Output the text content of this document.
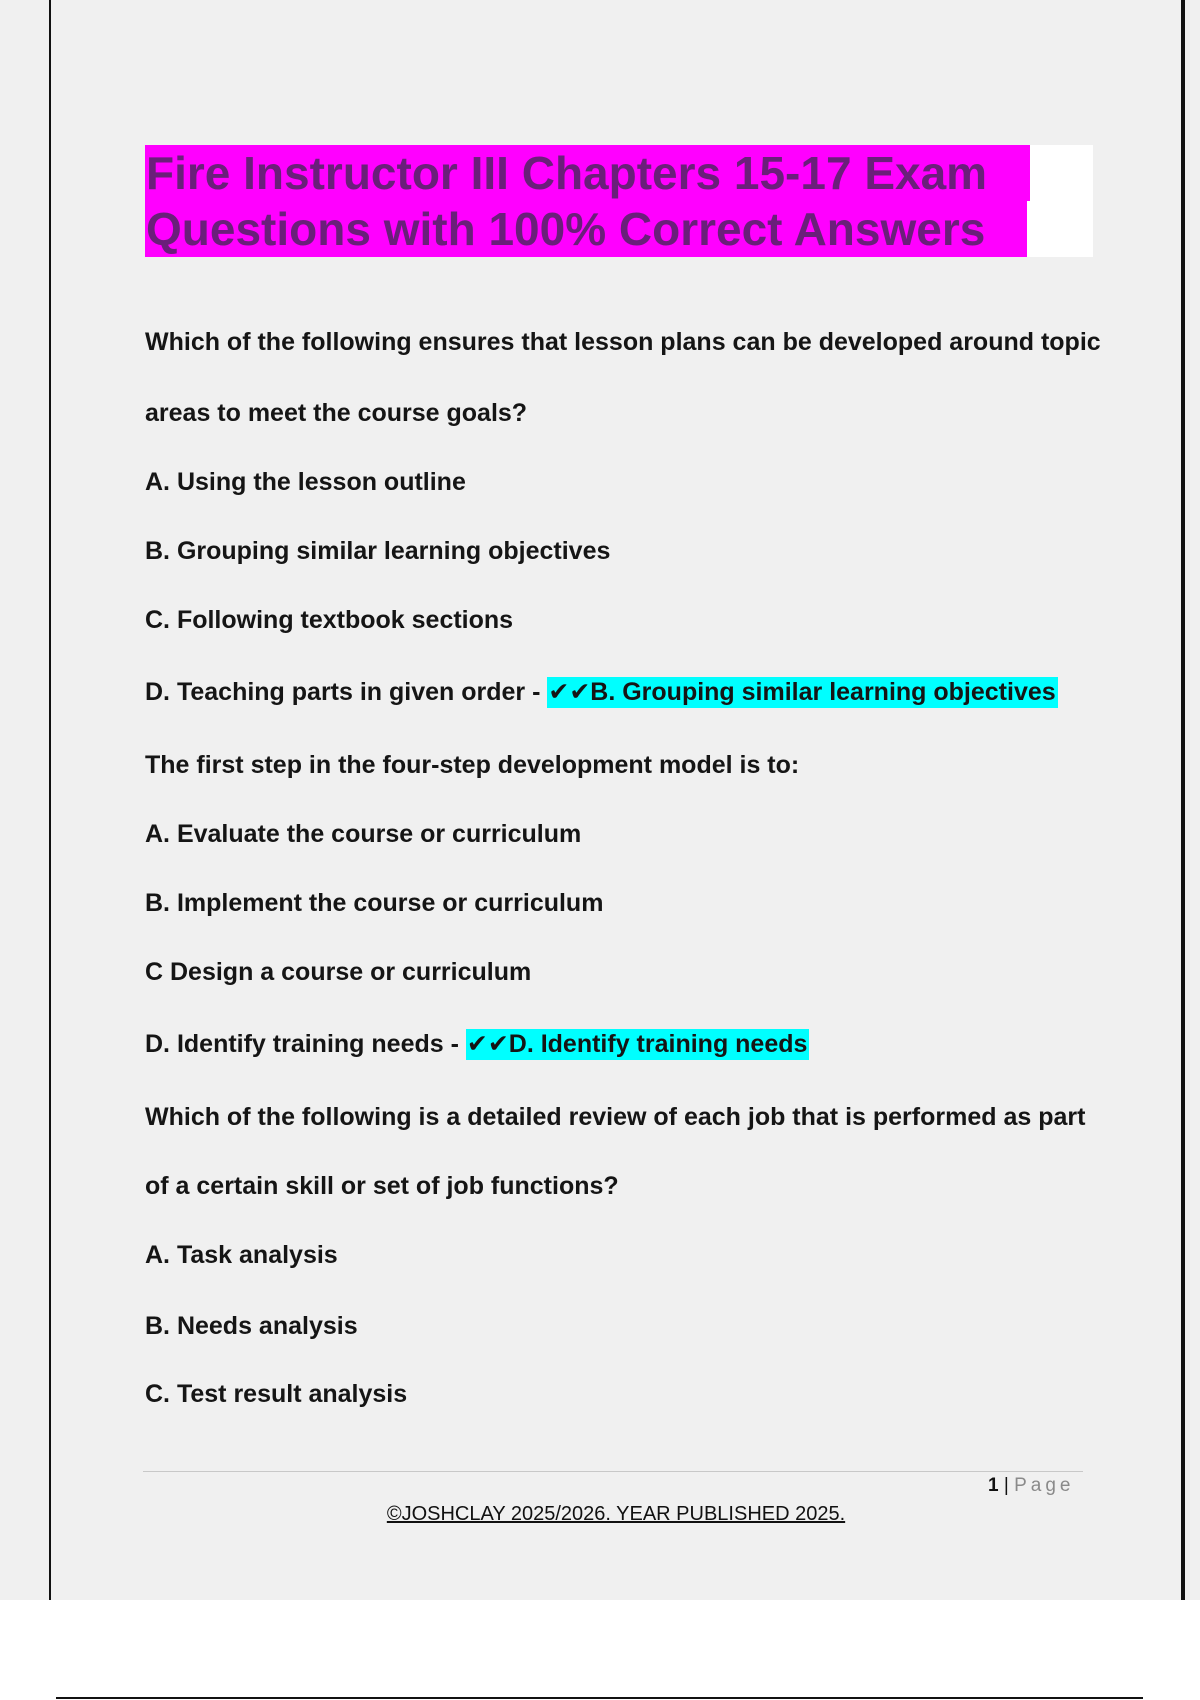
Fire Instructor III Chapters 15-17 Exam
Questions with 100% Correct Answers
Which of the following ensures that lesson plans can be developed around topic
areas to meet the course goals?
A. Using the lesson outline
B. Grouping similar learning objectives
C. Following textbook sections
D. Teaching parts in given order - ✔✔B. Grouping similar learning objectives
The first step in the four-step development model is to:
A. Evaluate the course or curriculum
B. Implement the course or curriculum
C Design a course or curriculum
D. Identify training needs - ✔✔D. Identify training needs
Which of the following is a detailed review of each job that is performed as part
of a certain skill or set of job functions?
A. Task analysis
B. Needs analysis
C. Test result analysis
1 | Page
©JOSHCLAY 2025/2026. YEAR PUBLISHED 2025.
